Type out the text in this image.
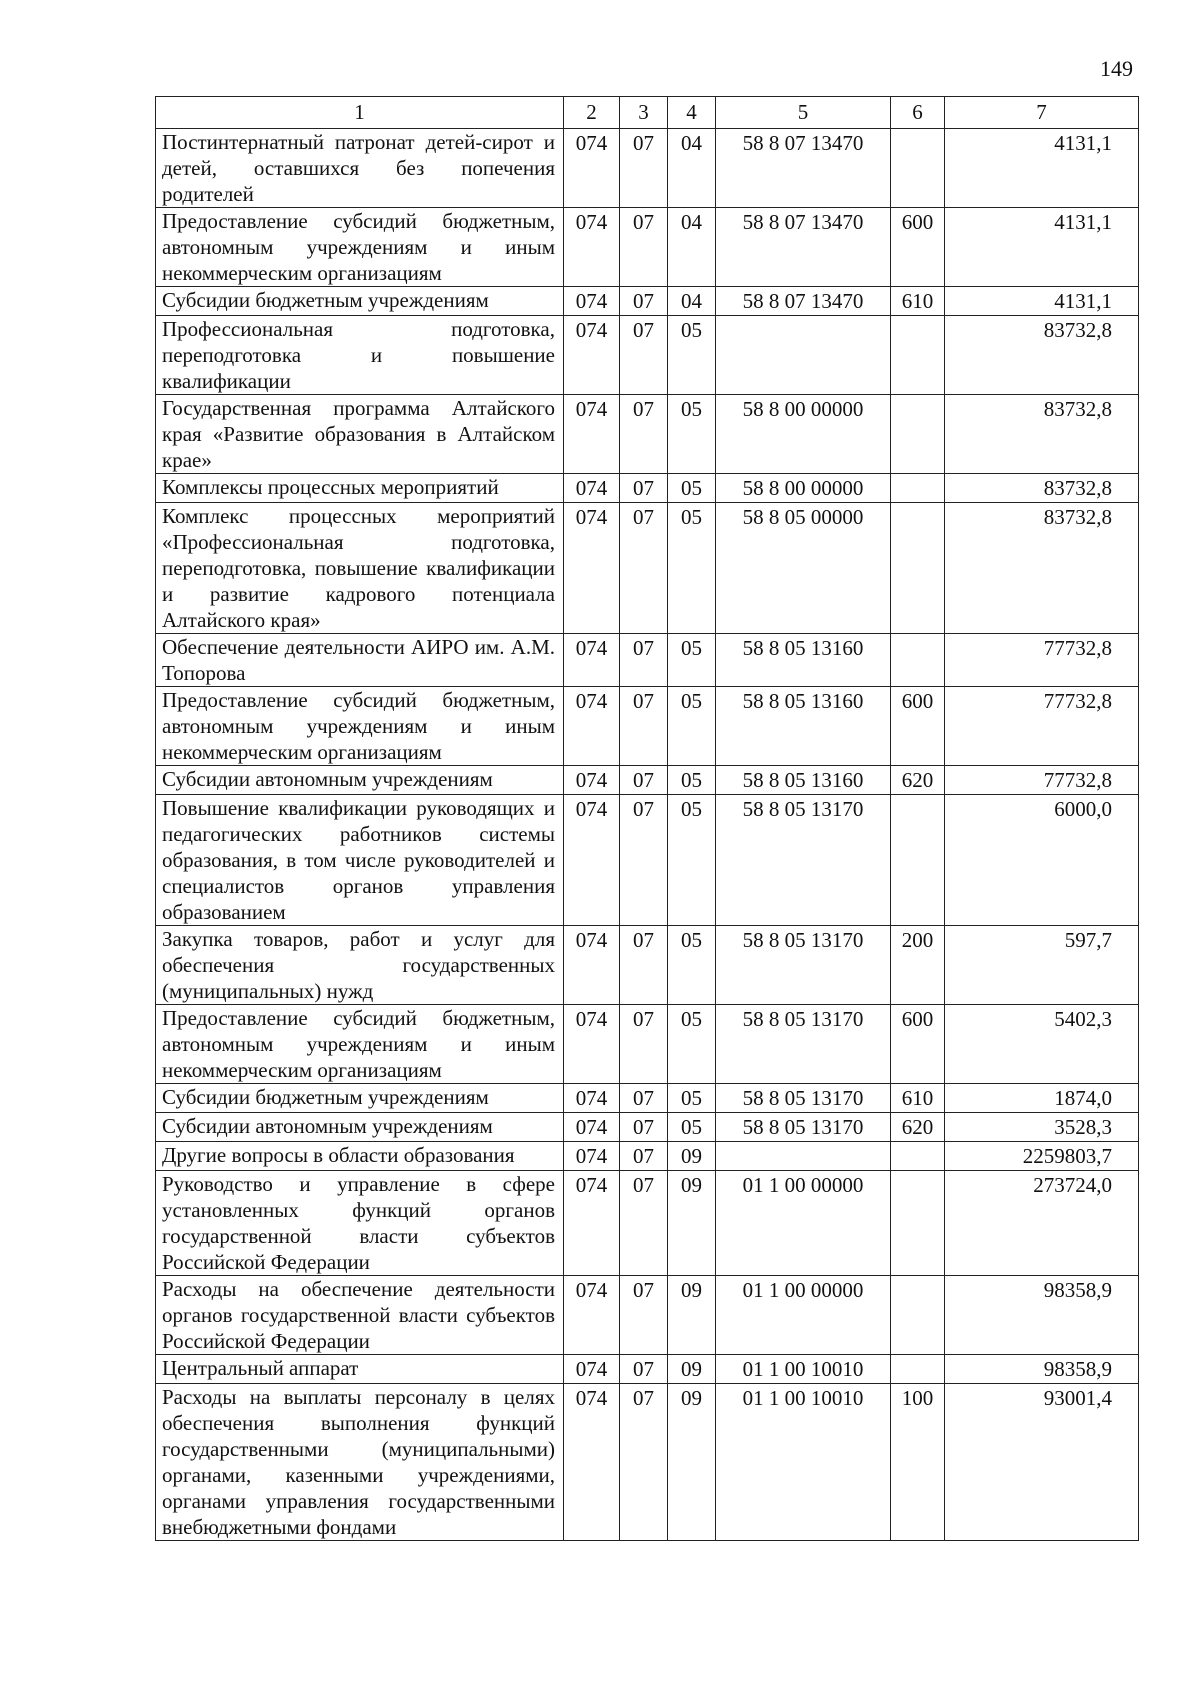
149
1	2	3	4	5	6	7
Постинтернатный патронат детей-сирот и детей, оставшихся без попечения родителей	074	07	04	58 8 07 13470		4131,1
Предоставление субсидий бюджетным, автономным учреждениям и иным некоммерческим организациям	074	07	04	58 8 07 13470	600	4131,1
Субсидии бюджетным учреждениям	074	07	04	58 8 07 13470	610	4131,1
Профессиональная подготовка, переподготовка и повышение квалификации	074	07	05			83732,8
Государственная программа Алтайского края «Развитие образования в Алтайском крае»	074	07	05	58 8 00 00000		83732,8
Комплексы процессных мероприятий	074	07	05	58 8 00 00000		83732,8
Комплекс процессных мероприятий «Профессиональная подготовка, переподготовка, повышение квалификации и развитие кадрового потенциала Алтайского края»	074	07	05	58 8 05 00000		83732,8
Обеспечение деятельности АИРО им. А.М. Топорова	074	07	05	58 8 05 13160		77732,8
Предоставление субсидий бюджетным, автономным учреждениям и иным некоммерческим организациям	074	07	05	58 8 05 13160	600	77732,8
Субсидии автономным учреждениям	074	07	05	58 8 05 13160	620	77732,8
Повышение квалификации руководящих и педагогических работников системы образования, в том числе руководителей и специалистов органов управления образованием	074	07	05	58 8 05 13170		6000,0
Закупка товаров, работ и услуг для обеспечения государственных (муниципальных) нужд	074	07	05	58 8 05 13170	200	597,7
Предоставление субсидий бюджетным, автономным учреждениям и иным некоммерческим организациям	074	07	05	58 8 05 13170	600	5402,3
Субсидии бюджетным учреждениям	074	07	05	58 8 05 13170	610	1874,0
Субсидии автономным учреждениям	074	07	05	58 8 05 13170	620	3528,3
Другие вопросы в области образования	074	07	09			2259803,7
Руководство и управление в сфере установленных функций органов государственной власти субъектов Российской Федерации	074	07	09	01 1 00 00000		273724,0
Расходы на обеспечение деятельности органов государственной власти субъектов Российской Федерации	074	07	09	01 1 00 00000		98358,9
Центральный аппарат	074	07	09	01 1 00 10010		98358,9
Расходы на выплаты персоналу в целях обеспечения выполнения функций государственными (муниципальными) органами, казенными учреждениями, органами управления государственными внебюджетными фондами	074	07	09	01 1 00 10010	100	93001,4
